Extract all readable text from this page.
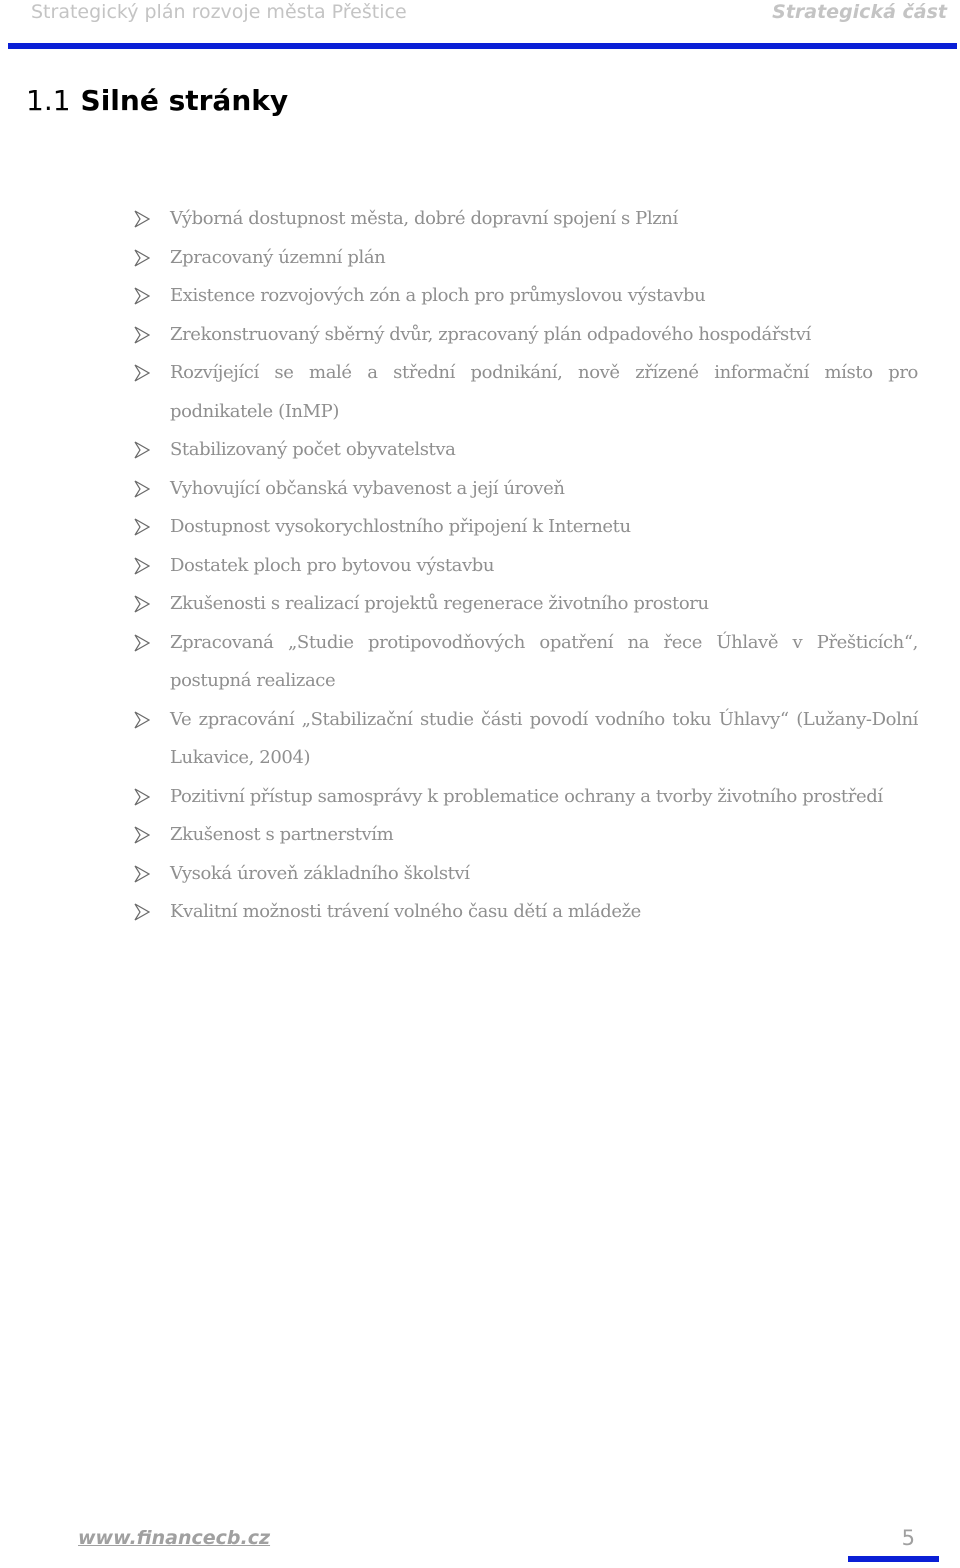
Strategický plán rozvoje města Přeštice	Strategická část
1.1 Silné stránky
Výborná dostupnost města, dobré dopravní spojení s Plzní
Zpracovaný územní plán
Existence rozvojových zón a ploch pro průmyslovou výstavbu
Zrekonstruovaný sběrný dvůr, zpracovaný plán odpadového hospodářství
Rozvíjející se malé a střední podnikání, nově zřízené informační místo pro podnikatele (InMP)
Stabilizovaný počet obyvatelstva
Vyhovující občanská vybavenost a její úroveň
Dostupnost vysokorychlostního připojení k Internetu
Dostatek ploch pro bytovou výstavbu
Zkušenosti s realizací projektů regenerace životního prostoru
Zpracovaná „Studie protipovodňových opatření na řece Úhlavě v Přešticích“, postupná realizace
Ve zpracování „Stabilizační studie části povodí vodního toku Úhlavy“ (Lužany-Dolní Lukavice, 2004)
Pozitivní přístup samosprávy k problematice ochrany a tvorby životního prostředí
Zkušenost s partnerstvím
Vysoká úroveň základního školství
Kvalitní možnosti trávení volného času dětí a mládeže
www.financecb.cz	5
